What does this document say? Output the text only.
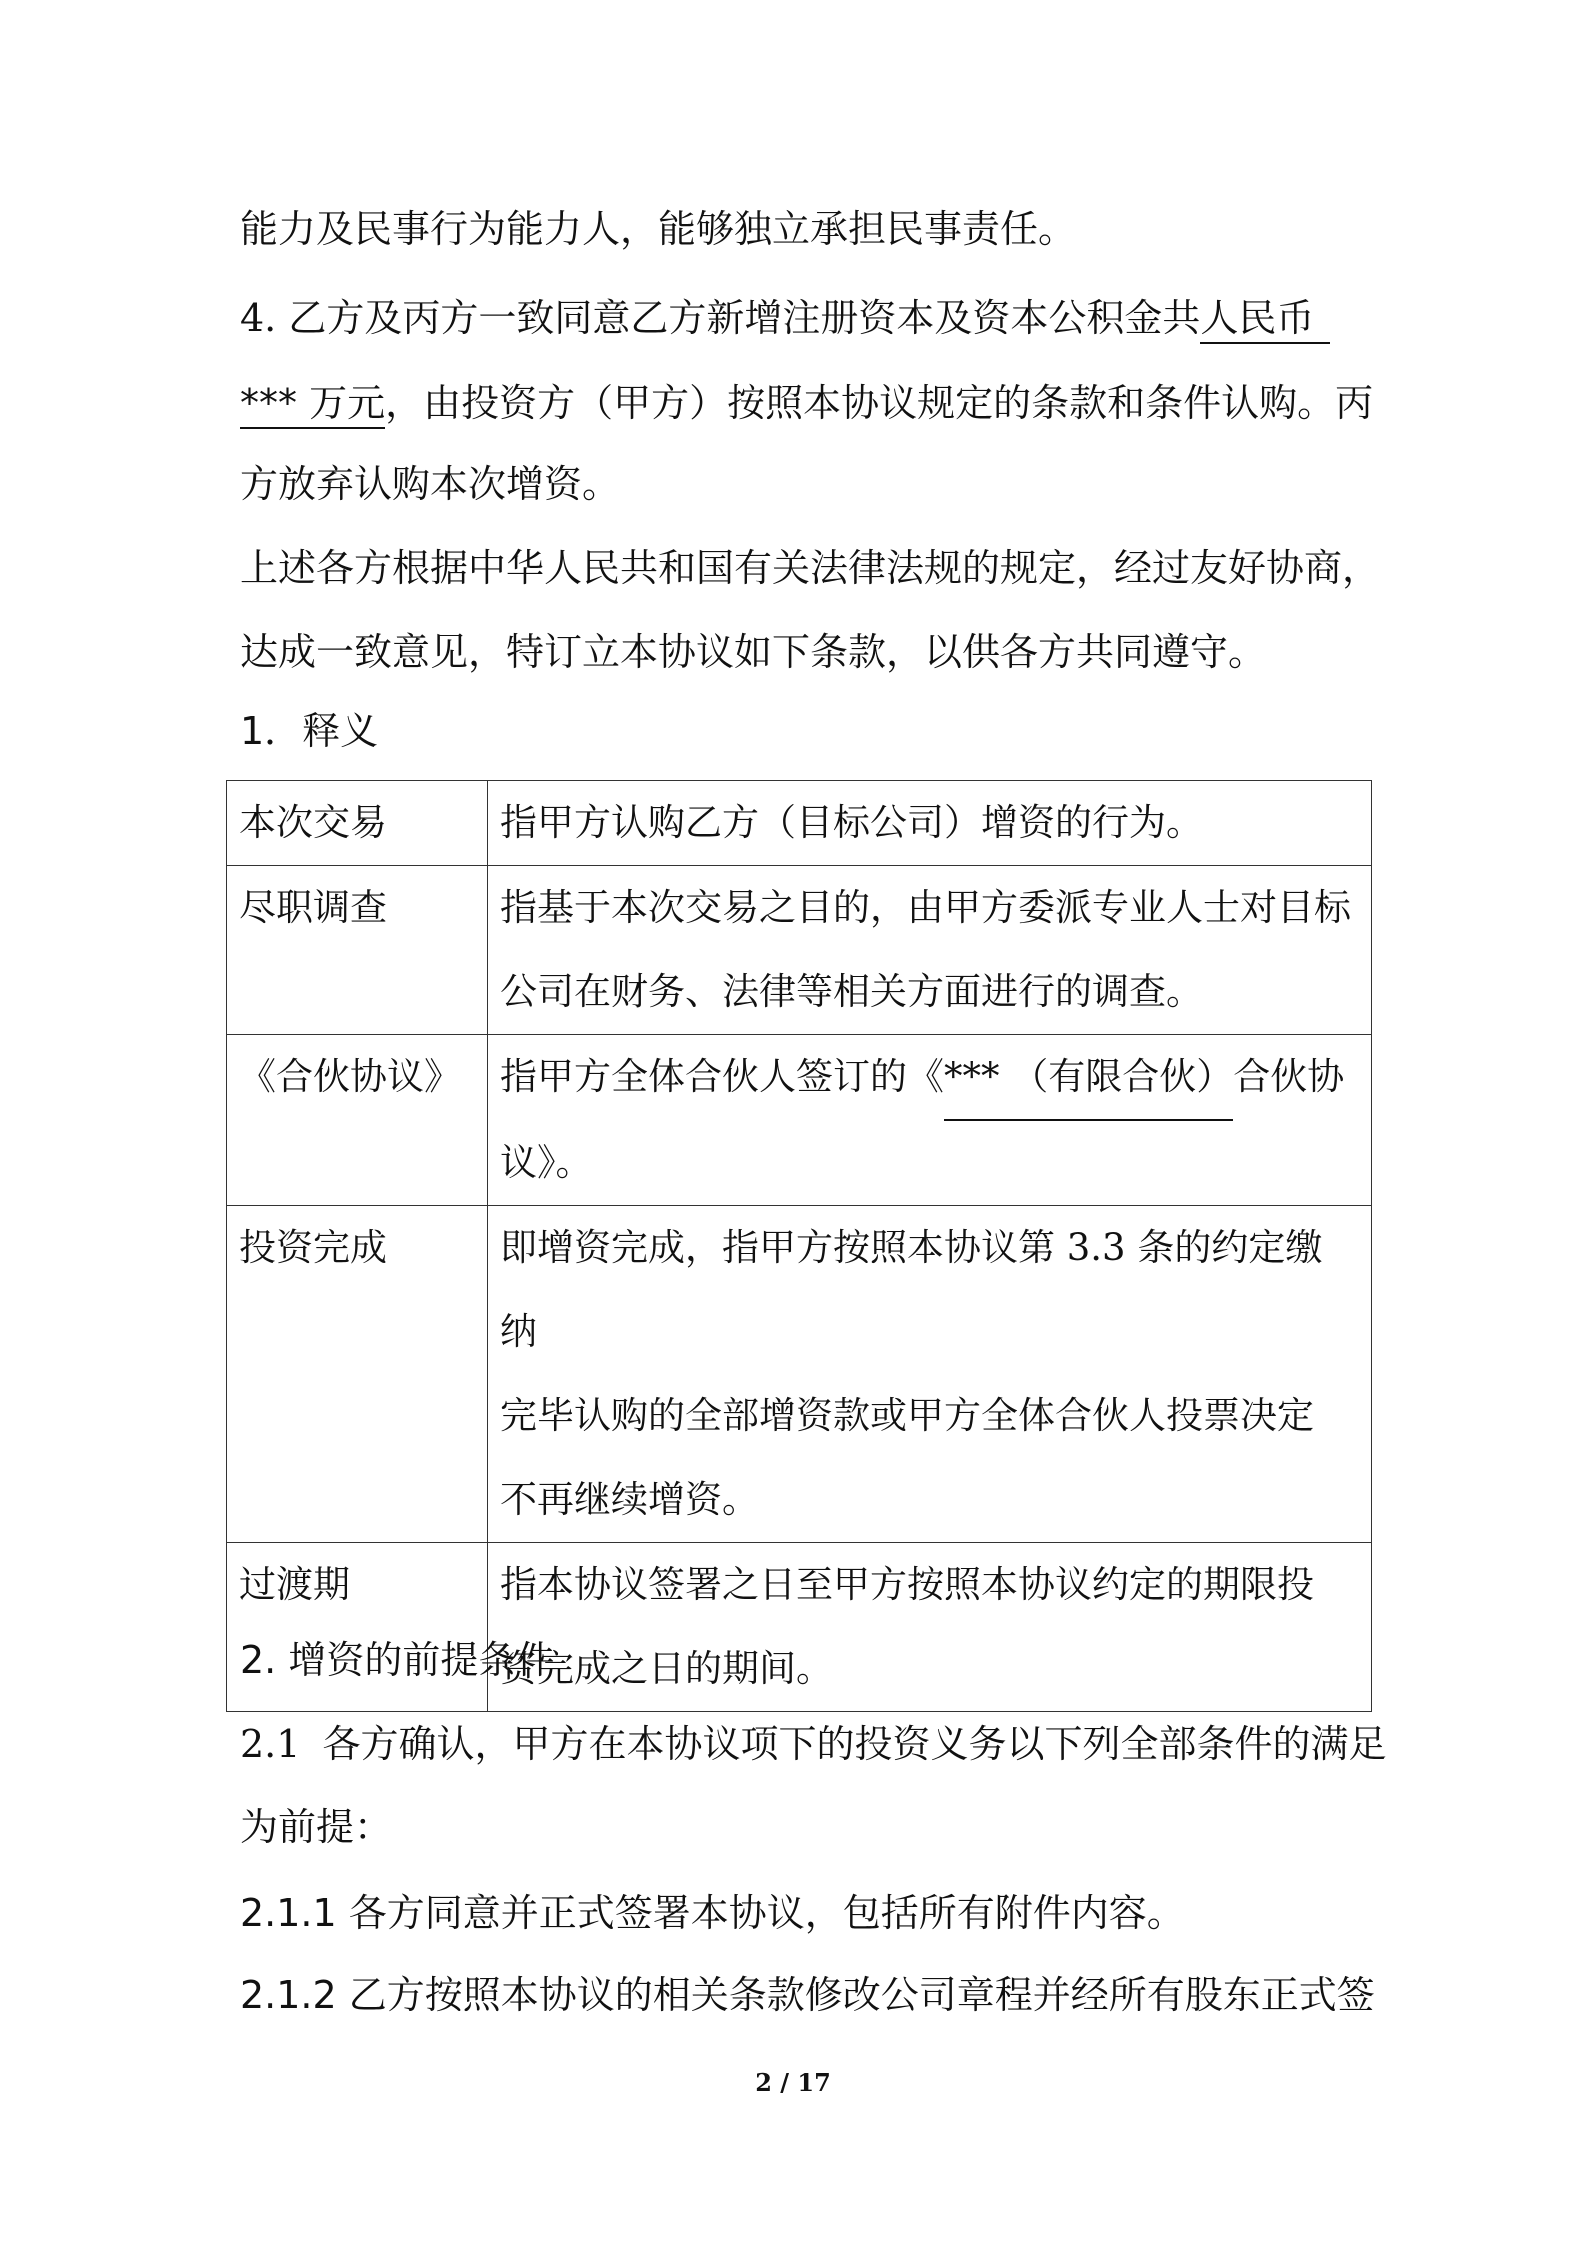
能力及民事行为能力人，能够独立承担民事责任。
4. 乙方及丙方一致同意乙方新增注册资本及资本公积金共人民币
*** 万元，由投资方（甲方）按照本协议规定的条款和条件认购。丙
方放弃认购本次增资。
上述各方根据中华人民共和国有关法律法规的规定，经过友好协商，
达成一致意见，特订立本协议如下条款，以供各方共同遵守。
1．释义
本次交易	指甲方认购乙方（目标公司）增资的行为。
尽职调查	指基于本次交易之目的，由甲方委派专业人士对目标
公司在财务、法律等相关方面进行的调查。

《合伙协议》	指甲方全体合伙人签订的《*** （有限合伙）合伙协
议》。

投资完成	即增资完成，指甲方按照本协议第 3.3 条的约定缴纳
完毕认购的全部增资款或甲方全体合伙人投票决定
不再继续增资。

过渡期	指本协议签署之日至甲方按照本协议约定的期限投
资完成之日的期间。
2. 增资的前提条件
2.1 各方确认，甲方在本协议项下的投资义务以下列全部条件的满足
为前提：
2.1.1 各方同意并正式签署本协议，包括所有附件内容。
2.1.2 乙方按照本协议的相关条款修改公司章程并经所有股东正式签
2 / 17
